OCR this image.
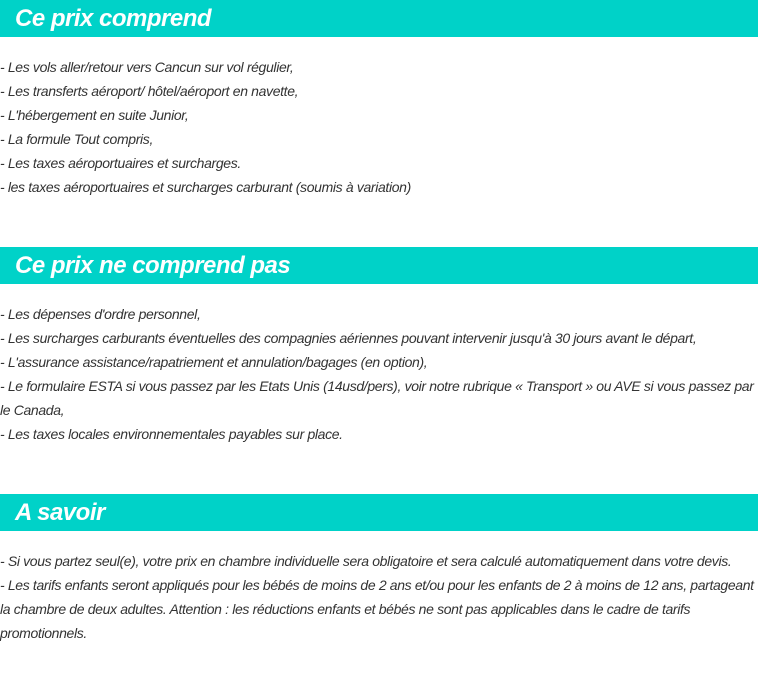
Ce prix comprend
- Les vols aller/retour vers Cancun sur vol régulier,
- Les transferts aéroport/ hôtel/aéroport en navette,
- L'hébergement en suite Junior,
- La formule Tout compris,
- Les taxes aéroportuaires et surcharges.
- les taxes aéroportuaires et surcharges carburant (soumis à variation)
Ce prix ne comprend pas
- Les dépenses d'ordre personnel,
- Les surcharges carburants éventuelles des compagnies aériennes pouvant intervenir jusqu'à 30 jours avant le départ,
- L'assurance assistance/rapatriement et annulation/bagages (en option),
- Le formulaire ESTA si vous passez par les Etats Unis (14usd/pers), voir notre rubrique « Transport » ou AVE si vous passez par le Canada,
- Les taxes locales environnementales payables sur place.
A savoir
- Si vous partez seul(e), votre prix en chambre individuelle sera obligatoire et sera calculé automatiquement dans votre devis.
- Les tarifs enfants seront appliqués pour les bébés de moins de 2 ans et/ou pour les enfants de 2 à moins de 12 ans, partageant la chambre de deux adultes. Attention : les réductions enfants et bébés ne sont pas applicables dans le cadre de tarifs promotionnels.
